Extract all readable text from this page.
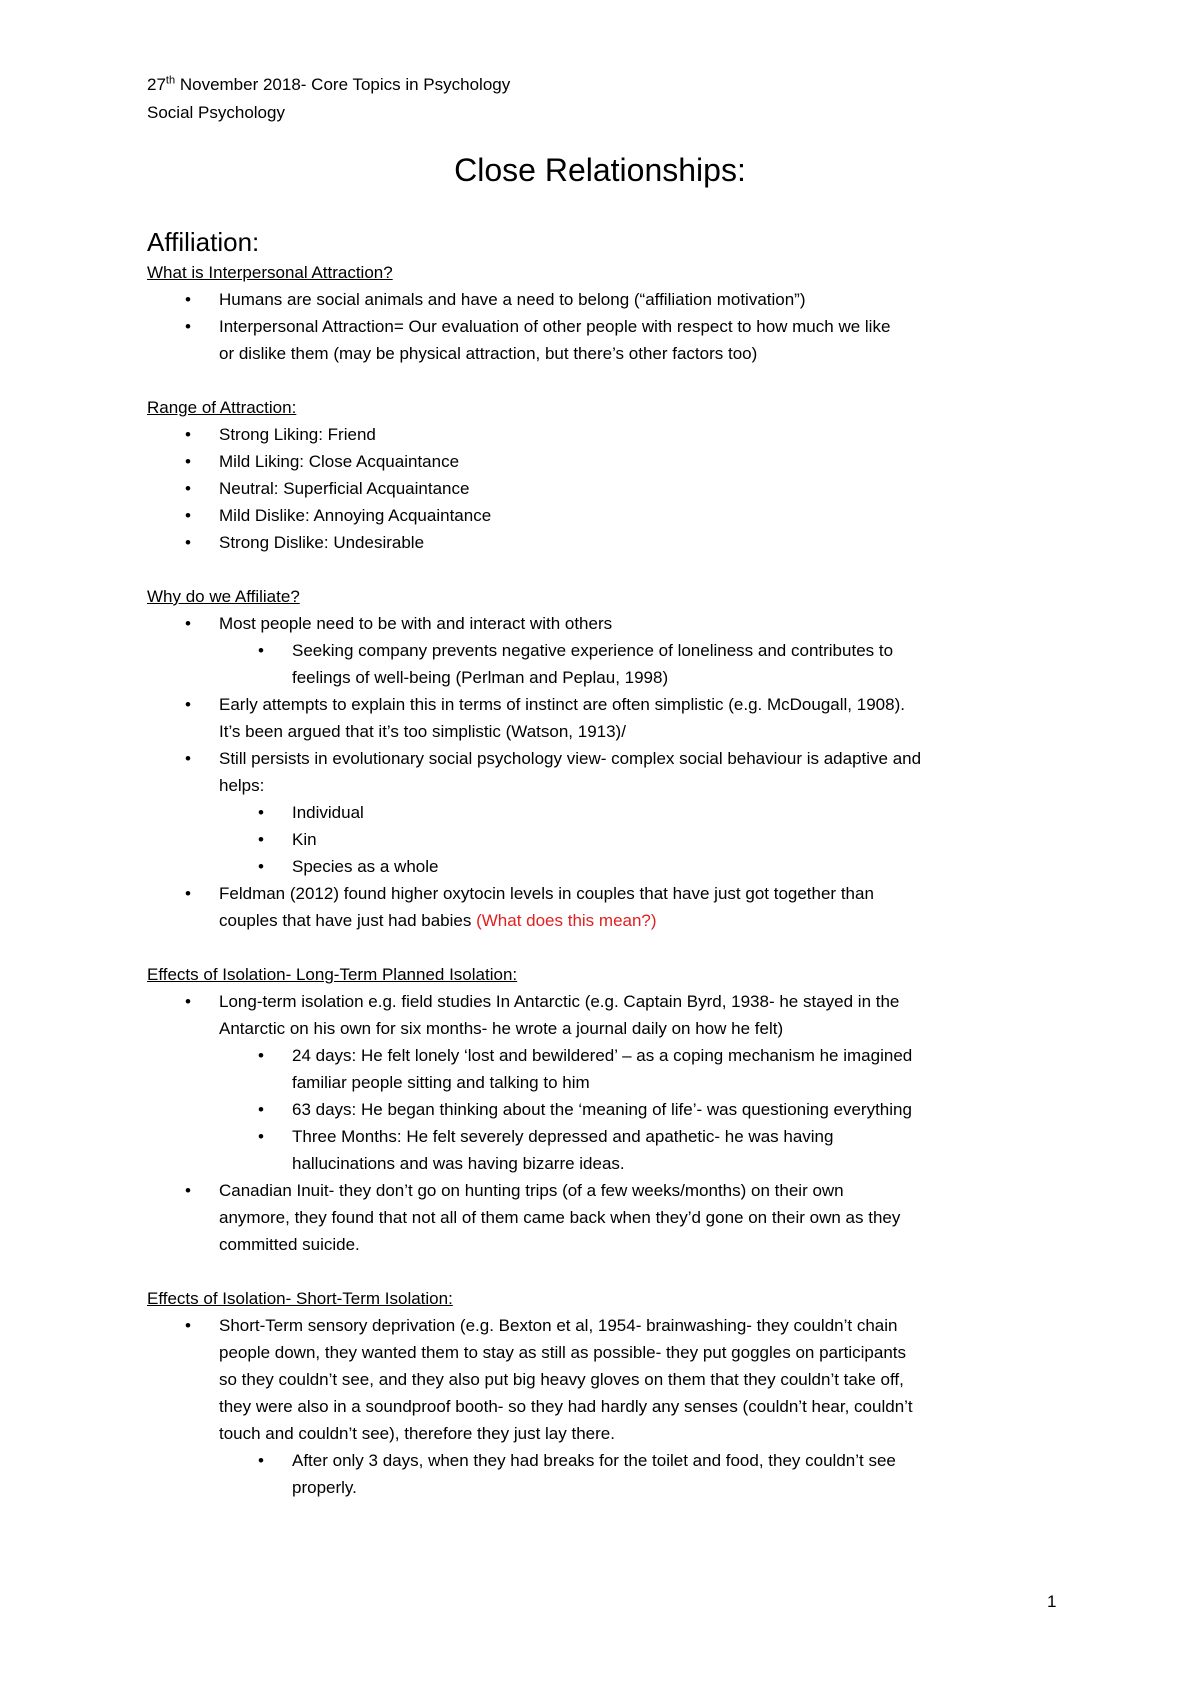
27th November 2018- Core Topics in Psychology
Social Psychology
Close Relationships:
Affiliation:
What is Interpersonal Attraction?
• Humans are social animals and have a need to belong (“affiliation motivation”)
• Interpersonal Attraction= Our evaluation of other people with respect to how much we like
or dislike them (may be physical attraction, but there’s other factors too)
Range of Attraction:
• Strong Liking: Friend
• Mild Liking: Close Acquaintance
• Neutral: Superficial Acquaintance
• Mild Dislike: Annoying Acquaintance
• Strong Dislike: Undesirable
Why do we Affiliate?
• Most people need to be with and interact with others
• Seeking company prevents negative experience of loneliness and contributes to
feelings of well-being (Perlman and Peplau, 1998)
• Early attempts to explain this in terms of instinct are often simplistic (e.g. McDougall, 1908).
It’s been argued that it’s too simplistic (Watson, 1913)/
• Still persists in evolutionary social psychology view- complex social behaviour is adaptive and
helps:
• Individual
• Kin
• Species as a whole
• Feldman (2012) found higher oxytocin levels in couples that have just got together than
couples that have just had babies (What does this mean?)
Effects of Isolation- Long-Term Planned Isolation:
• Long-term isolation e.g. field studies In Antarctic (e.g. Captain Byrd, 1938- he stayed in the
Antarctic on his own for six months- he wrote a journal daily on how he felt)
• 24 days: He felt lonely ‘lost and bewildered’ – as a coping mechanism he imagined
familiar people sitting and talking to him
• 63 days: He began thinking about the ‘meaning of life’- was questioning everything
• Three Months: He felt severely depressed and apathetic- he was having
hallucinations and was having bizarre ideas.
• Canadian Inuit- they don’t go on hunting trips (of a few weeks/months) on their own
anymore, they found that not all of them came back when they’d gone on their own as they
committed suicide.
Effects of Isolation- Short-Term Isolation:
• Short-Term sensory deprivation (e.g. Bexton et al, 1954- brainwashing- they couldn’t chain
people down, they wanted them to stay as still as possible- they put goggles on participants
so they couldn’t see, and they also put big heavy gloves on them that they couldn’t take off,
they were also in a soundproof booth- so they had hardly any senses (couldn’t hear, couldn’t
touch and couldn’t see), therefore they just lay there.
• After only 3 days, when they had breaks for the toilet and food, they couldn’t see
properly.
1
